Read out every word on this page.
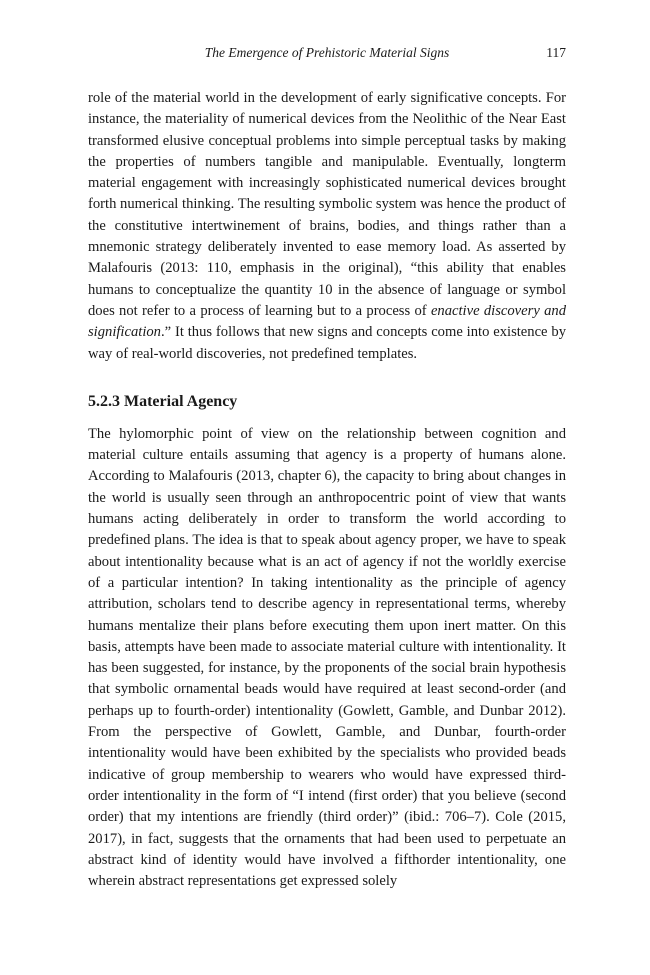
The Emergence of Prehistoric Material Signs	117

role of the material world in the development of early significative concepts. For instance, the materiality of numerical devices from the Neolithic of the Near East transformed elusive conceptual problems into simple perceptual tasks by making the properties of numbers tangible and manipulable. Eventually, longterm material engagement with increasingly sophisticated numerical devices brought forth numerical thinking. The resulting symbolic system was hence the product of the constitutive intertwinement of brains, bodies, and things rather than a mnemonic strategy deliberately invented to ease memory load. As asserted by Malafouris (2013: 110, emphasis in the original), “this ability that enables humans to conceptualize the quantity 10 in the absence of language or symbol does not refer to a process of learning but to a process of enactive discovery and signification.” It thus follows that new signs and concepts come into existence by way of real-world discoveries, not predefined templates.

5.2.3 Material Agency

The hylomorphic point of view on the relationship between cognition and material culture entails assuming that agency is a property of humans alone. According to Malafouris (2013, chapter 6), the capacity to bring about changes in the world is usually seen through an anthropocentric point of view that wants humans acting deliberately in order to transform the world according to predefined plans. The idea is that to speak about agency proper, we have to speak about intentionality because what is an act of agency if not the worldly exercise of a particular intention? In taking intentionality as the principle of agency attribution, scholars tend to describe agency in representational terms, whereby humans mentalize their plans before executing them upon inert matter. On this basis, attempts have been made to associate material culture with intentionality. It has been suggested, for instance, by the proponents of the social brain hypothesis that symbolic ornamental beads would have required at least second-order (and perhaps up to fourth-order) intentionality (Gowlett, Gamble, and Dunbar 2012). From the perspective of Gowlett, Gamble, and Dunbar, fourth-order intentionality would have been exhibited by the specialists who provided beads indicative of group membership to wearers who would have expressed third-order intentionality in the form of “I intend (first order) that you believe (second order) that my intentions are friendly (third order)” (ibid.: 706–7). Cole (2015, 2017), in fact, suggests that the ornaments that had been used to perpetuate an abstract kind of identity would have involved a fifthorder intentionality, one wherein abstract representations get expressed solely
